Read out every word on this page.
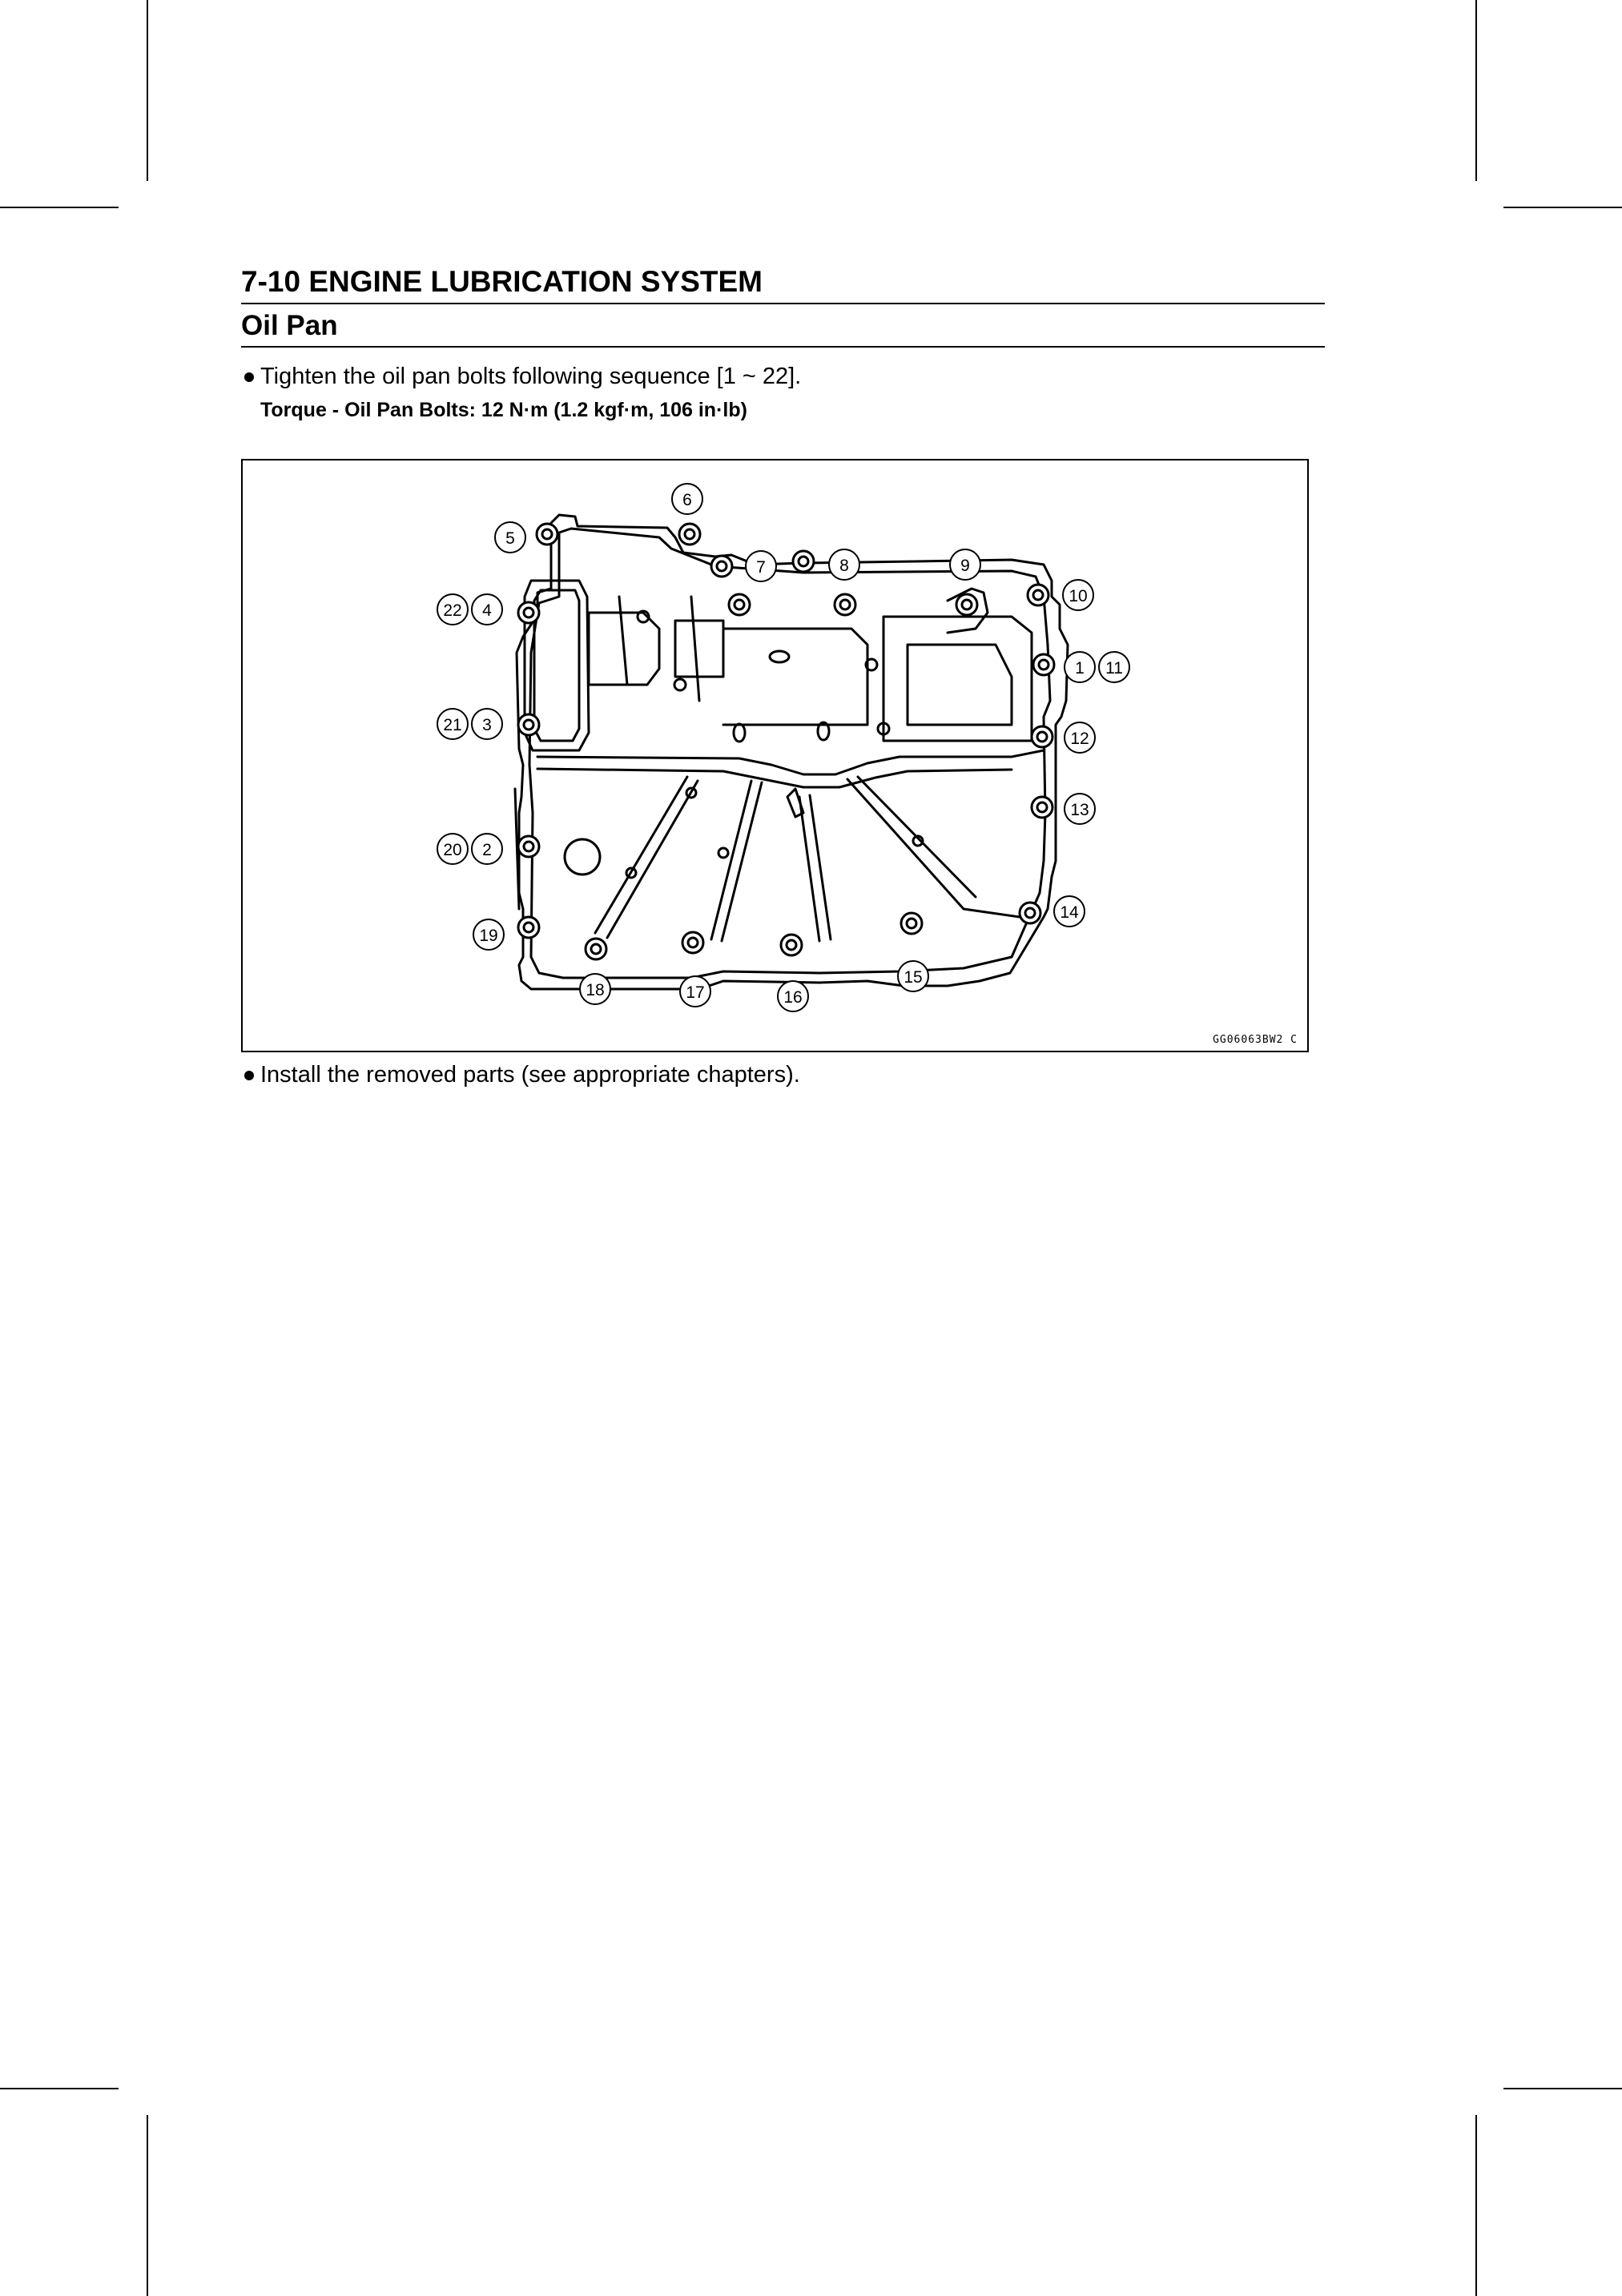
7-10 ENGINE LUBRICATION SYSTEM
Oil Pan
Tighten the oil pan bolts following sequence [1 ~ 22].
Torque - Oil Pan Bolts: 12 N·m (1.2 kgf·m, 106 in·lb)
6
5
7	8	9
10
1 11
12
13
14
15
16
17
18
19
2
20
3
21
4
22
GG06063BW2 C
Install the removed parts (see appropriate chapters).
